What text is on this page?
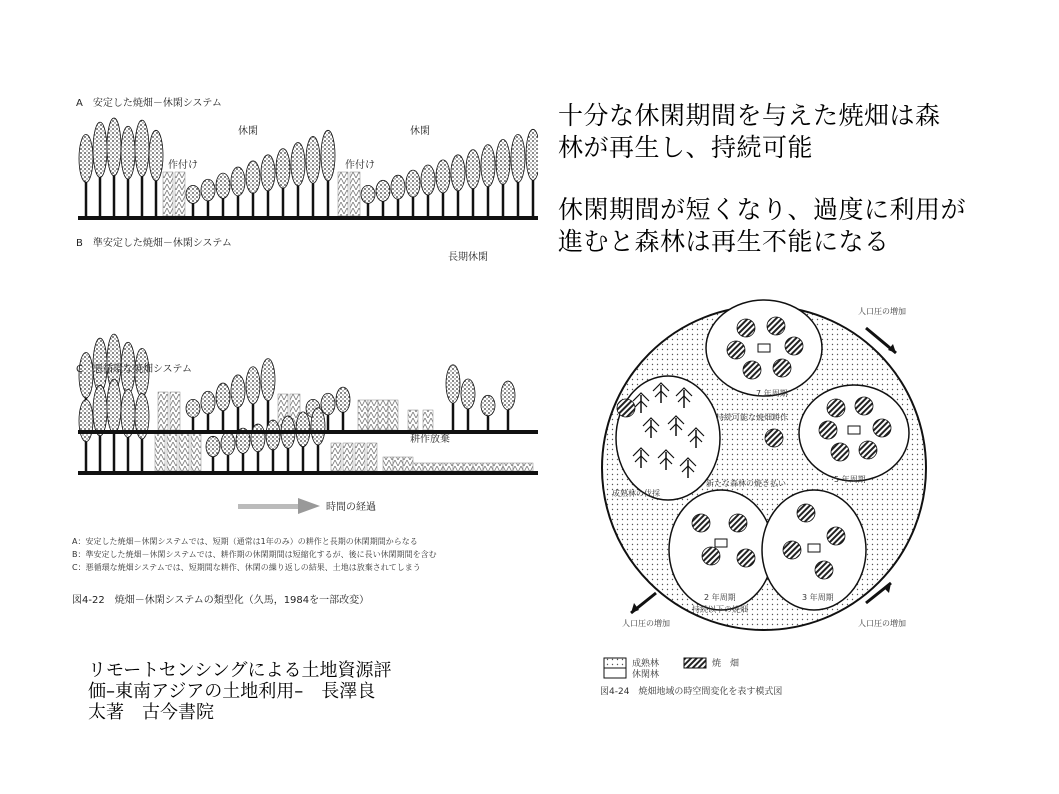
A　安定した焼畑－休閑システム
休閑
作付け	作付け
休閑
B　準安定した焼畑－休閑システム
長期休閑
C　悪循環な焼畑システム
耕作放棄
時間の経過
A：安定した焼畑－休閑システムでは、短期（通常は1年のみ）の耕作と長期の休閑期間からなる
B：準安定した焼畑－休閑システムでは、耕作期の休閑期間は短縮化するが、後に長い休閑期間を含む
C：悪循環な焼畑システムでは、短期間な耕作、休閑の繰り返しの結果、土地は放棄されてしまう
図4-22　焼畑－休閑システムの類型化（久馬，1984を一部改変）
十分な休閑期間を与えた焼畑は森
林が再生し、持続可能
休閑期間が短くなり、過度に利用が
進むと森林は再生不能になる
人口圧の増加
人口圧の増加
人口圧の増加
成熟林の伐採
7 年周期
5 年周期
2 年周期	3 年周期
持続可能な焼畑耕作
新たな森林の焼き払い
持続以下の焼畑
成熟林
休閑林
焼　畑
図4-24　焼畑地域の時空間変化を表す模式図
リモートセンシングによる土地資源評
価–東南アジアの土地利用–　長澤良
太著　古今書院
